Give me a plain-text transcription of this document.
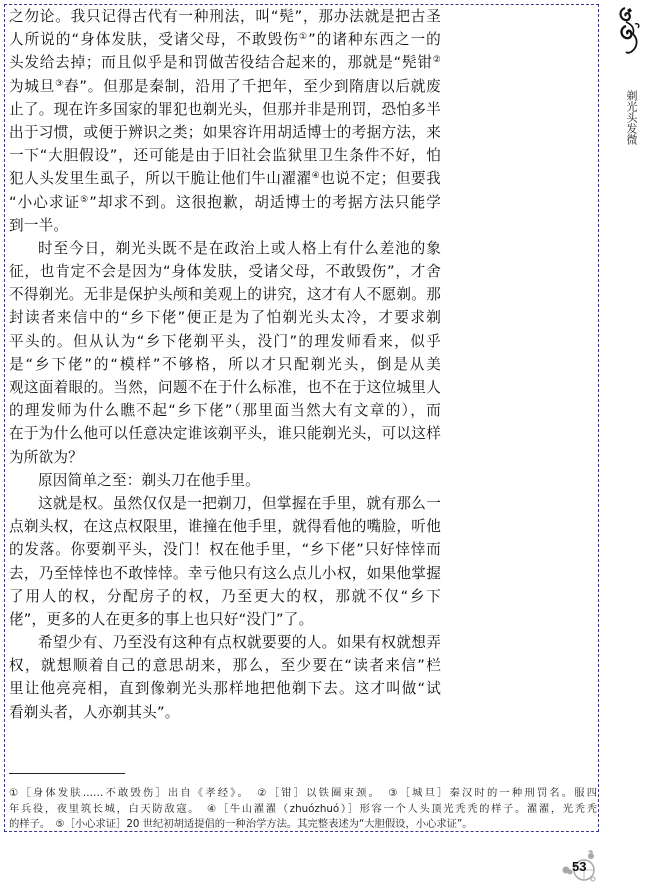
之勿论。我只记得古代有一种刑法，叫“髡”，那办法就是把古圣
人所说的“身体发肤，受诸父母，不敢毁伤①”的诸种东西之一的
头发给去掉；而且似乎是和罚做苦役结合起来的，那就是“髡钳②
为城旦③舂”。但那是秦制，沿用了千把年，至少到隋唐以后就废
止了。现在许多国家的罪犯也剃光头，但那并非是刑罚，恐怕多半
出于习惯，或便于辨识之类；如果容许用胡适博士的考据方法，来
一下“大胆假设”，还可能是由于旧社会监狱里卫生条件不好，怕
犯人头发里生虱子，所以干脆让他们牛山濯濯④也说不定；但要我
“小心求证⑤”却求不到。这很抱歉，胡适博士的考据方法只能学
到一半。
时至今日，剃光头既不是在政治上或人格上有什么差池的象
征，也肯定不会是因为“身体发肤，受诸父母，不敢毁伤”，才舍
不得剃光。无非是保护头颅和美观上的讲究，这才有人不愿剃。那
封读者来信中的“乡下佬”便正是为了怕剃光头太冷，才要求剃
平头的。但从认为“乡下佬剃平头，没门”的理发师看来，似乎
是“乡下佬”的“模样”不够格，所以才只配剃光头，倒是从美
观这面着眼的。当然，问题不在于什么标准，也不在于这位城里人
的理发师为什么瞧不起“乡下佬”（那里面当然大有文章的），而
在于为什么他可以任意决定谁该剃平头，谁只能剃光头，可以这样
为所欲为？
原因简单之至：剃头刀在他手里。
这就是权。虽然仅仅是一把剃刀，但掌握在手里，就有那么一
点剃头权，在这点权限里，谁撞在他手里，就得看他的嘴脸，听他
的发落。你要剃平头，没门！权在他手里，“乡下佬”只好悻悻而
去，乃至悻悻也不敢悻悻。幸亏他只有这么点儿小权，如果他掌握
了用人的权，分配房子的权，乃至更大的权，那就不仅“乡下
佬”，更多的人在更多的事上也只好“没门”了。
希望少有、乃至没有这种有点权就要要的人。如果有权就想弄
权，就想顺着自己的意思胡来，那么，至少要在“读者来信”栏
里让他亮亮相，直到像剃光头那样地把他剃下去。这才叫做“试
看剃头者，人亦剃其头”。
①［身体发肤……不敢毁伤］出自《孝经》。　②［钳］以铁圈束颈。　③［城旦］秦汉时的一种刑罚名。服四
年兵役，夜里筑长城，白天防敌寇。　④［牛山濯濯（zhuózhuó）］形容一个人头顶光秃秃的样子。濯濯，光秃秃
的样子。　⑤［小心求证］20 世纪初胡适提倡的一种治学方法。其完整表述为“大胆假设，小心求证”。
剃光头发微
53
